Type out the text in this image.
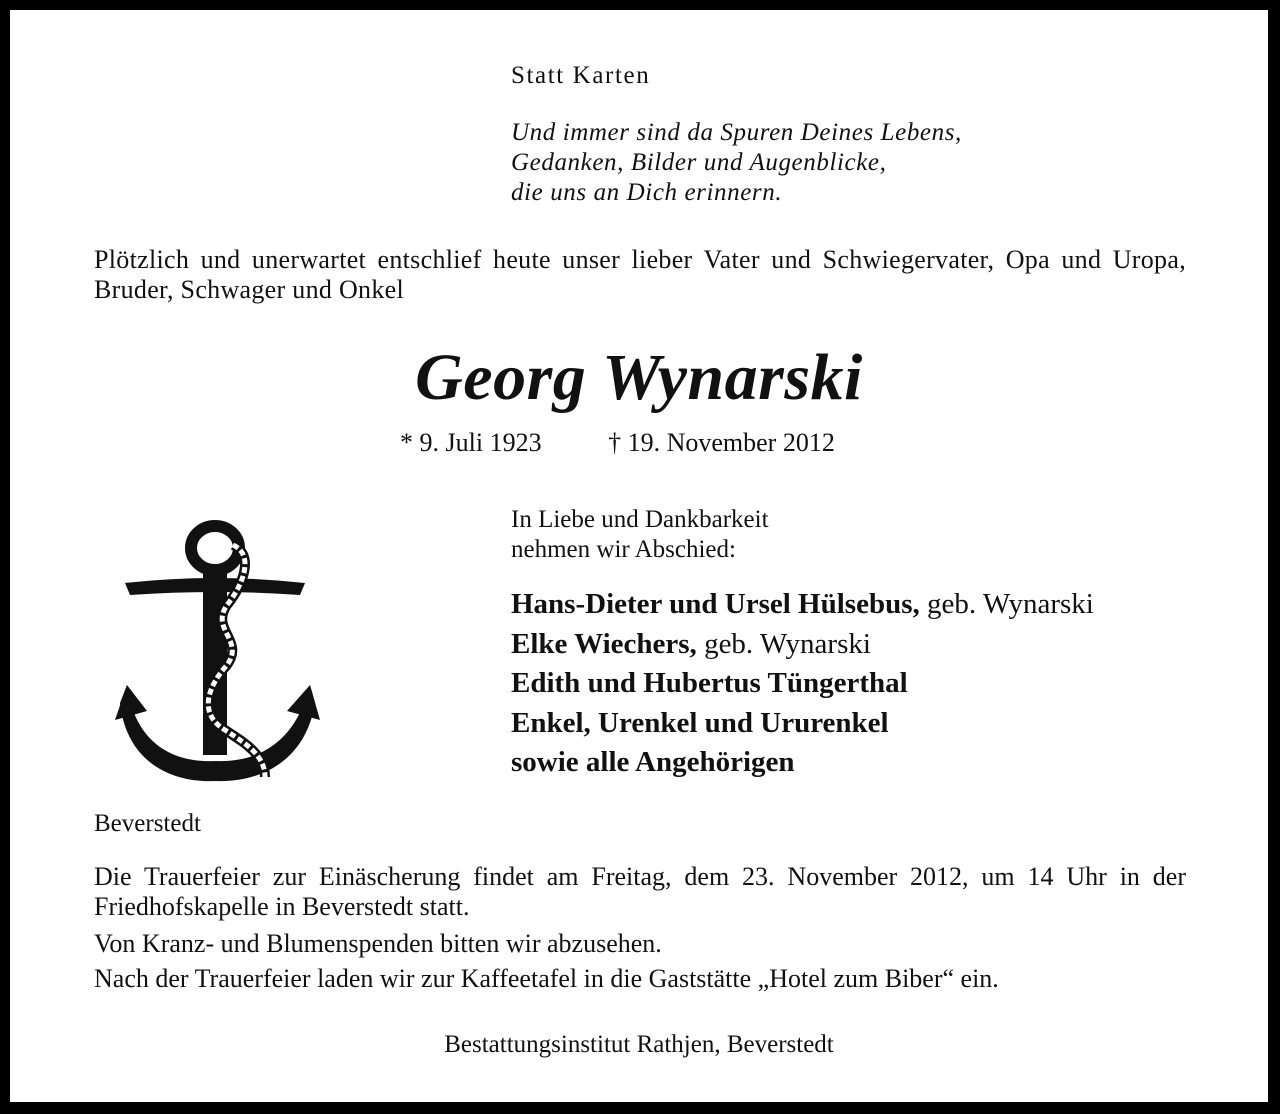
Statt Karten

Und immer sind da Spuren Deines Lebens,
Gedanken, Bilder und Augenblicke,
die uns an Dich erinnern.

Plötzlich und unerwartet entschlief heute unser lieber Vater und Schwiegervater, Opa und Uropa, Bruder, Schwager und Onkel

Georg Wynarski
* 9. Juli 1923	† 19. November 2012
In Liebe und Dankbarkeit
nehmen wir Abschied:
Hans-Dieter und Ursel Hülsebus, geb. Wynarski
Elke Wiechers, geb. Wynarski
Edith und Hubertus Tüngerthal
Enkel, Urenkel und Ururenkel
sowie alle Angehörigen

Beverstedt

Die Trauerfeier zur Einäscherung findet am Freitag, dem 23. November 2012, um 14 Uhr in der Friedhofskapelle in Beverstedt statt.

Von Kranz- und Blumenspenden bitten wir abzusehen.

Nach der Trauerfeier laden wir zur Kaffeetafel in die Gaststätte „Hotel zum Biber“ ein.

Bestattungsinstitut Rathjen, Beverstedt
